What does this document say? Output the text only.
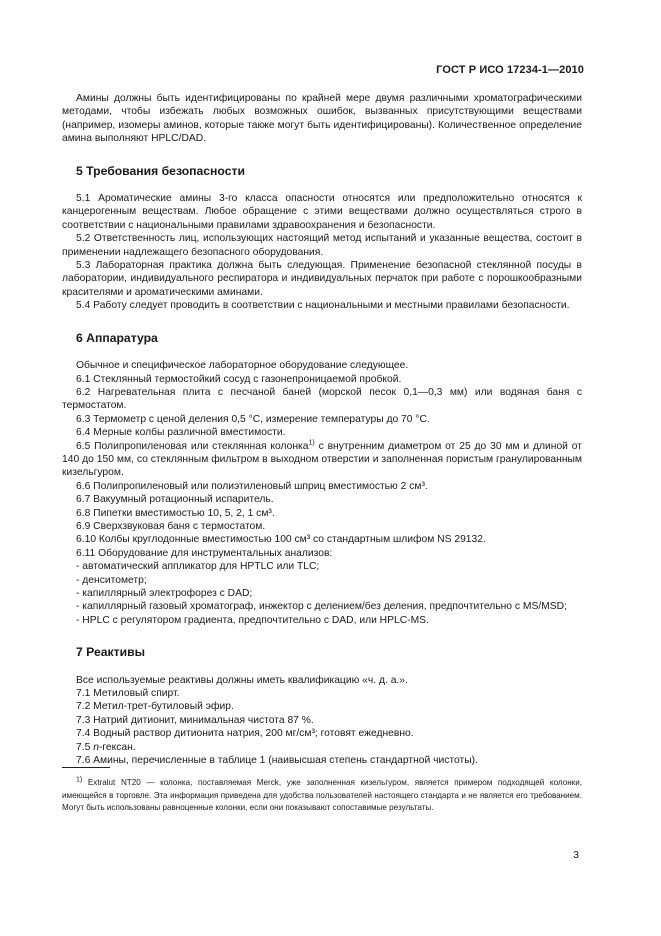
ГОСТ Р ИСО 17234-1—2010

Амины должны быть идентифицированы по крайней мере двумя различными хроматографическими методами, чтобы избежать любых возможных ошибок, вызванных присутствующими веществами (например, изомеры аминов, которые также могут быть идентифицированы). Количественное определение амина выполняют HPLC/DAD.

5 Требования безопасности

5.1 Ароматические амины 3-го класса опасности относятся или предположительно относятся к канцерогенным веществам. Любое обращение с этими веществами должно осуществляться строго в соответствии с национальными правилами здравоохранения и безопасности.

5.2 Ответственность лиц, использующих настоящий метод испытаний и указанные вещества, состоит в применении надлежащего безопасного оборудования.

5.3 Лабораторная практика должна быть следующая. Применение безопасной стеклянной посуды в лаборатории, индивидуального респиратора и индивидуальных перчаток при работе с порошкообразными красителями и ароматическими аминами.

5.4 Работу следует проводить в соответствии с национальными и местными правилами безопасности.

6 Аппаратура

Обычное и специфическое лабораторное оборудование следующее.

6.1 Стеклянный термостойкий сосуд с газонепроницаемой пробкой.

6.2 Нагревательная плита с песчаной баней (морской песок 0,1—0,3 мм) или водяная баня с термостатом.

6.3 Термометр с ценой деления 0,5 °С, измерение температуры до 70 °С.

6.4 Мерные колбы различной вместимости.

6.5 Полипропиленовая или стеклянная колонка$^{1)}$ с внутренним диаметром от 25 до 30 мм и длиной от 140 до 150 мм, со стеклянным фильтром в выходном отверстии и заполненная пористым гранулированным кизельгуром.

6.6 Полипропиленовый или полиэтиленовый шприц вместимостью 2 см³.

6.7 Вакуумный ротационный испаритель.

6.8 Пипетки вместимостью 10, 5, 2, 1 см³.

6.9 Сверхзвуковая баня с термостатом.

6.10 Колбы круглодонные вместимостью 100 см³ со стандартным шлифом NS 29132.

6.11 Оборудование для инструментальных анализов:

- автоматический аппликатор для HPTLC или TLC;

- денситометр;

- капиллярный электрофорез с DAD;

- капиллярный газовый хроматограф, инжектор с делением/без деления, предпочтительно с MS/MSD;

- HPLC с регулятором градиента, предпочтительно с DAD, или HPLC-MS.

7 Реактивы

Все используемые реактивы должны иметь квалификацию «ч. д. а.».

7.1 Метиловый спирт.

7.2 Метил-трет-бутиловый эфир.

7.3 Натрий дитионит, минимальная чистота 87 %.

7.4 Водный раствор дитионита натрия, 200 мг/см³; готовят ежедневно.

7.5 n-гексан.

7.6 Амины, перечисленные в таблице 1 (наивысшая степень стандартной чистоты).

$^{1)}$ Extralut NT20 — колонка, поставляемая Merck, уже заполненная кизельгуром, является примером подходящей колонки, имеющейся в торговле. Эта информация приведена для удобства пользователей настоящего стандарта и не является его требованием. Могут быть использованы равноценные колонки, если они показывают сопоставимые результаты.

3
